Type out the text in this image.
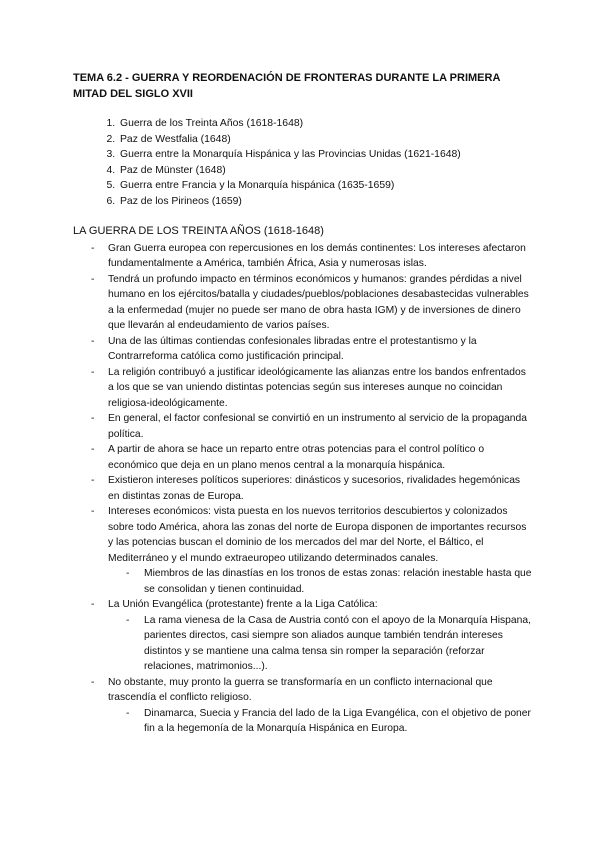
TEMA 6.2 - GUERRA Y REORDENACIÓN DE FRONTERAS DURANTE LA PRIMERA MITAD DEL SIGLO XVII
1. Guerra de los Treinta Años (1618-1648)
2. Paz de Westfalia (1648)
3. Guerra entre la Monarquía Hispánica y las Provincias Unidas (1621-1648)
4. Paz de Münster (1648)
5. Guerra entre Francia y la Monarquía hispánica (1635-1659)
6. Paz de los Pirineos (1659)
LA GUERRA DE LOS TREINTA AÑOS (1618-1648)
- Gran Guerra europea con repercusiones en los demás continentes: Los intereses afectaron fundamentalmente a América, también África, Asia y numerosas islas.
- Tendrá un profundo impacto en términos económicos y humanos: grandes pérdidas a nivel humano en los ejércitos/batalla y ciudades/pueblos/poblaciones desabastecidas vulnerables a la enfermedad (mujer no puede ser mano de obra hasta IGM) y de inversiones de dinero que llevarán al endeudamiento de varios países.
- Una de las últimas contiendas confesionales libradas entre el protestantismo y la Contrarreforma católica como justificación principal.
- La religión contribuyó a justificar ideológicamente las alianzas entre los bandos enfrentados a los que se van uniendo distintas potencias según sus intereses aunque no coincidan religiosa-ideológicamente.
- En general, el factor confesional se convirtió en un instrumento al servicio de la propaganda política.
- A partir de ahora se hace un reparto entre otras potencias para el control político o económico que deja en un plano menos central a la monarquía hispánica.
- Existieron intereses políticos superiores: dinásticos y sucesorios, rivalidades hegemónicas en distintas zonas de Europa.
- Intereses económicos: vista puesta en los nuevos territorios descubiertos y colonizados sobre todo América, ahora las zonas del norte de Europa disponen de importantes recursos y las potencias buscan el dominio de los mercados del mar del Norte, el Báltico, el Mediterráneo y el mundo extraeuropeo utilizando determinados canales.
- Miembros de las dinastías en los tronos de estas zonas: relación inestable hasta que se consolidan y tienen continuidad.
- La Unión Evangélica (protestante) frente a la Liga Católica:
- La rama vienesa de la Casa de Austria contó con el apoyo de la Monarquía Hispana, parientes directos, casi siempre son aliados aunque también tendrán intereses distintos y se mantiene una calma tensa sin romper la separación (reforzar relaciones, matrimonios...).
- No obstante, muy pronto la guerra se transformaría en un conflicto internacional que trascendía el conflicto religioso.
- Dinamarca, Suecia y Francia del lado de la Liga Evangélica, con el objetivo de poner fin a la hegemonía de la Monarquía Hispánica en Europa.
